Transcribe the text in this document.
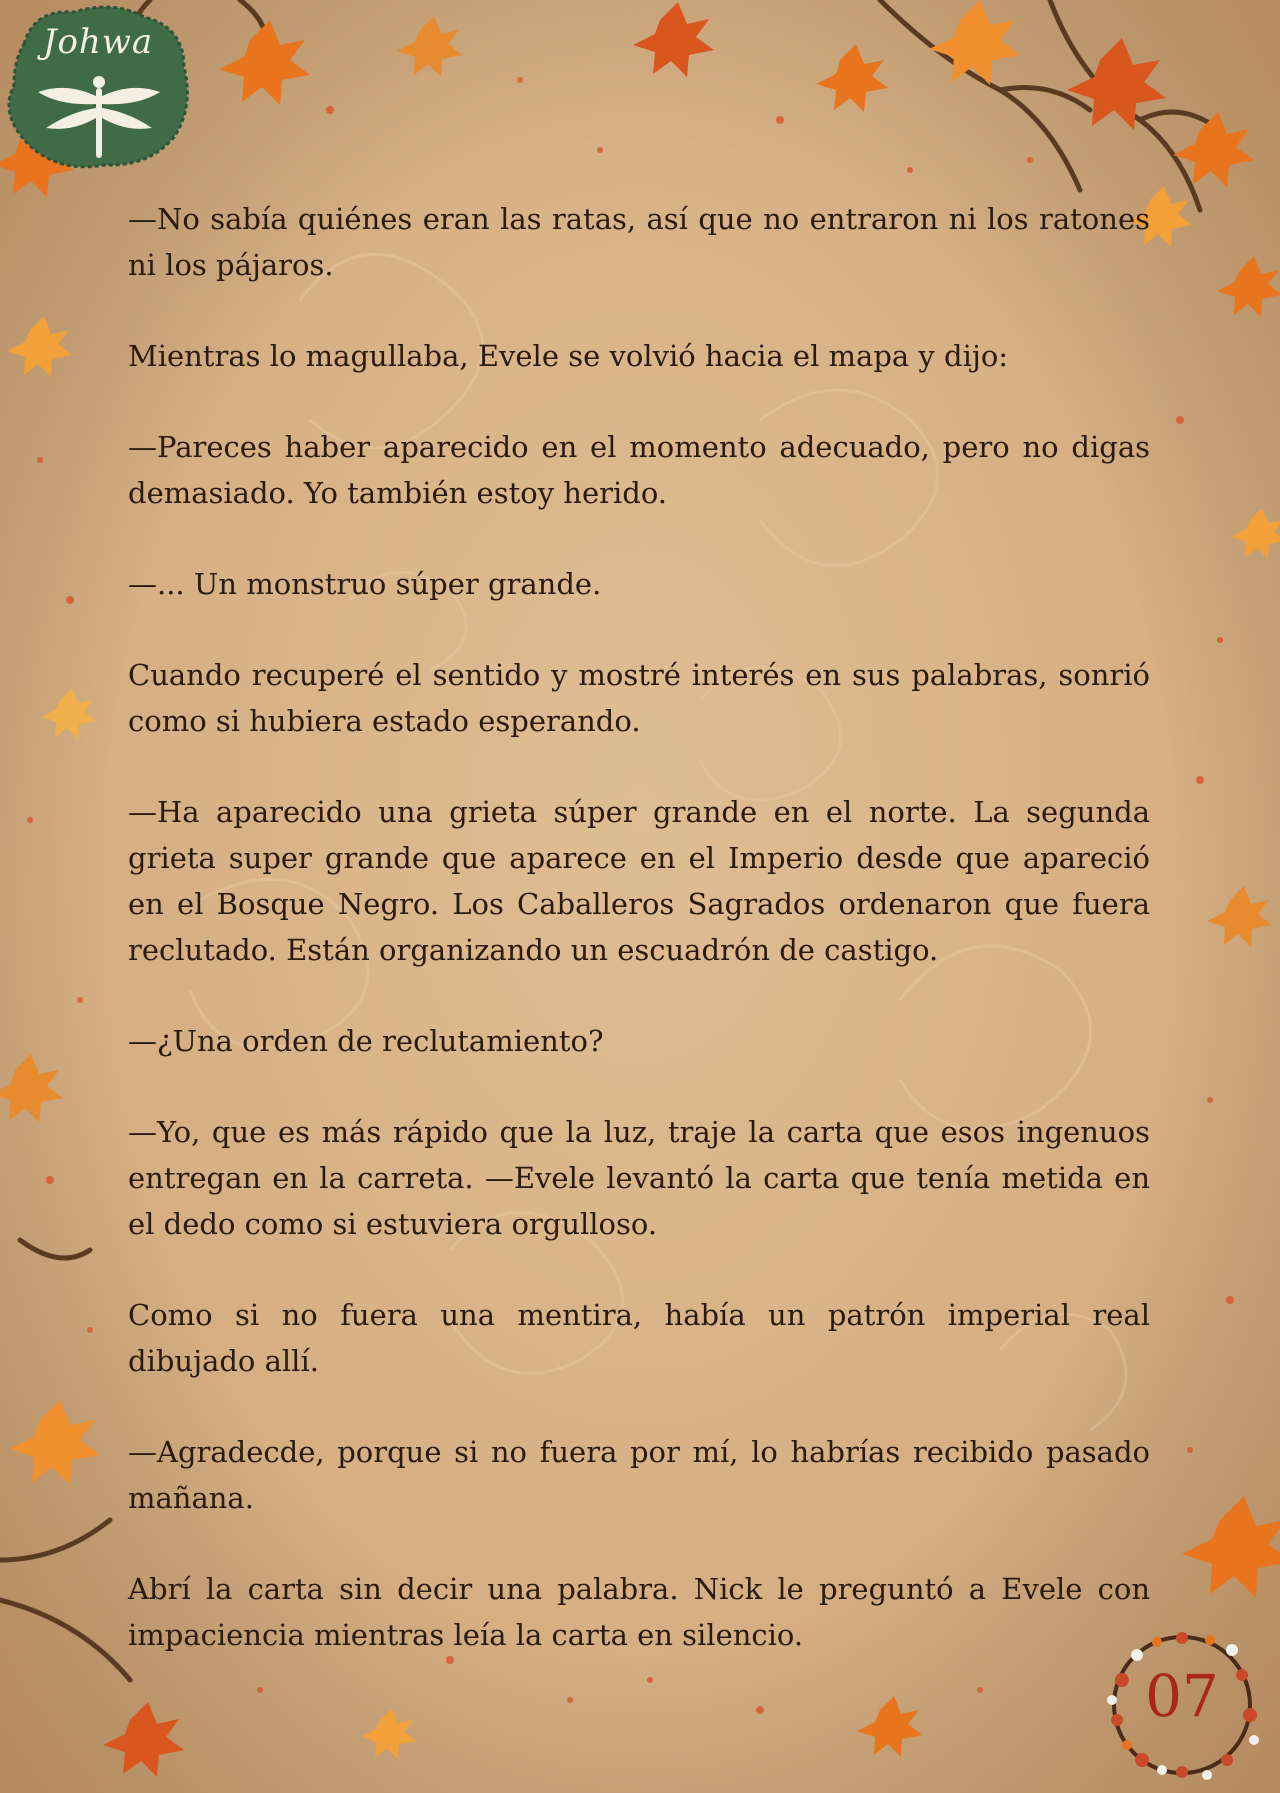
Johwa

—No sabía quiénes eran las ratas, así que no entraron ni los ratones ni los pájaros.

Mientras lo magullaba, Evele se volvió hacia el mapa y dijo:

—Pareces haber aparecido en el momento adecuado, pero no digas demasiado. Yo también estoy herido.

—... Un monstruo súper grande.

Cuando recuperé el sentido y mostré interés en sus palabras, sonrió como si hubiera estado esperando.

—Ha aparecido una grieta súper grande en el norte. La segunda grieta super grande que aparece en el Imperio desde que apareció en el Bosque Negro. Los Caballeros Sagrados ordenaron que fuera reclutado. Están organizando un escuadrón de castigo.

—¿Una orden de reclutamiento?

—Yo, que es más rápido que la luz, traje la carta que esos ingenuos entregan en la carreta. —Evele levantó la carta que tenía metida en el dedo como si estuviera orgulloso.

Como si no fuera una mentira, había un patrón imperial real dibujado allí.

—Agradecde, porque si no fuera por mí, lo habrías recibido pasado mañana.

Abrí la carta sin decir una palabra. Nick le preguntó a Evele con impaciencia mientras leía la carta en silencio.

07
